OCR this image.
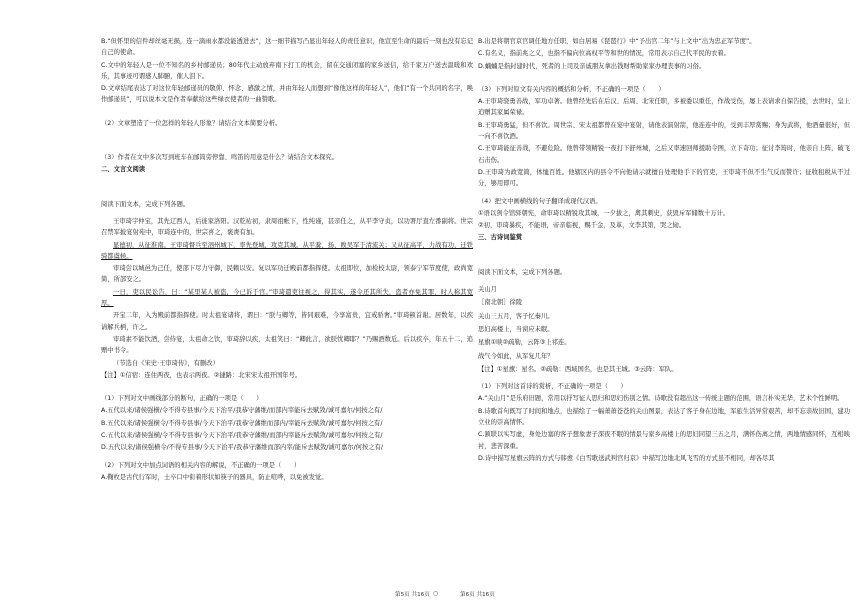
B.“但怀里的信件却丝毫无损，连一滴雨水都没能透进去”，这一细节描写凸显出年轻人的责任意识，他宣至生命的最后一刻也没有忘记自己的使命。

C.文中的年轻人是一位不知名的乡村邮递员；80年代主动放弃南下打工的机会，留在交通闭塞的家乡送信，给千家万户送去温暖和欢乐，其事迹可谓感人肺腑，催人泪下。

D.文章结尾表达了对这位年轻邮递员的敬仰、怀念、感激之情，并由年轻人而想到“像他这样的年轻人”，他们“有一个共同的名字，唤作邮递员”，可以说本文是作者奉献给这些绿衣使者的一曲赞歌。

（2）文章塑造了一位怎样的年轻人形象？请结合文本简要分析。

（3）作者在文中多次写到班车在邮筒旁停靠、鸣笛的用意是什么？请结合文本探究。

二、文言文阅读

阅读下面文本，完成下列各题。

王审琦字仲宝，其先辽西人，后徙家洛阳。汉乾祐初，隶周祖帐下，性纯谨，甚亲任之，从平李守贞，以功署厅直左番副将。世宗召禁军披宴射苑中，审琦连中的，世宗喜之，褒赉有加。

显德初，从征淮南。王审琦督兵至泗州城下，率先登城，攻克其城。从平滁、扬，败吴军于清流关；又从征高平，力战有功，迁铁骑都虞候。

审琦尝以城邑为己任，使部下尽力守御，民赖以安。复以军功迁殿前都指挥使。太祖即位，加检校太尉，领泰宁军节度使，政尚宽简，所部安之。

一日，吏以民讼告，曰：“某里某人被盗，今已诉于官。”审琦遣吏往视之，得其实，遂令还其所失，盗者亦免其罪，时人称其宽厚。

开宝二年，入为殿前都指挥使。时太祖宴诸将，谓曰：“朕与卿等，皆同艰难，今享富贵，宜戒骄奢。”审琦顿首谢。居数年，以疾请解兵柄，许之。

审琦素不能饮酒，尝侍宴，太祖命之饮，审琦辞以疾，太祖笑曰：“卿此言，欲朕忧卿耶？”乃赐酒数卮。后以疾卒，年五十二，追赠中书令。

（节选自《宋史·王审琦传》，有删改）

【注】①信宿：连住两夜，也表示两夜。②捷路：北宋宋太祖开国年号。

（1）下列对文中画线部分的断句，正确的一项是（　　）

A.五代以来/诸侯强横/令不得专县事/今天下治平/我恭守藩维/而部内宰能斥去赋敛/诚可嘉尔/何按之有/

B.五代以来/诸侯强横令/不得专县事/今天下治平/我恭守藩维而部内/宰能斥去赋敛/诚可嘉尔/何按之有/

C.五代以来/诸侯强横/令不得专县事/今天下治平/我恭守藩维/而部内宰能斥去赋敛/诚可嘉尔/何按之有/

D.五代以来/诸侯强横令/不得专县事/今天下治平/我恭守藩维而部内宰/能斥去赋敛/诚可嘉尔/何按之有/

（2）下列对文中加点词语的相关内容的解说，不正确的一项是（　　）

A.鞠枚是古代行军时，士卒口中衔着形状如筷子的器具，防止喧哗，以免被发觉。

B.出是将朝官京官调任地方任职，如白居易《琵琶行》中“予出官二年”与上文中“出为忠正军节度”。

C.有名义，指前兆之义，也指不偏向位高权平等和世的情况，常用表示自己代平民的衣着。

D.蝻蝻是指封建时代，死者的上司及亲戚朋友拿出钱财帮助家家办理丧事的习俗。

（3）下列对原文有关内容的概括和分析，不正确的一项是（　　）

A.王审琦骁勇善战，军功卓著。他曾经先后在后汉、后周、北宋任职，多被委以重任，作战受伤，屡上表请求自保告援，去世时，皇上追赠其家属荣禄。

B.王审琦勇猛，但不喜饮。周世宗、宋太祖都曾在宴中宴射，请他表演射箭，他连连中的，受到丰厚赏赐；身为武将，他酒量很好，但一向不喜饮酒。

C.王审琦能征善战，不避危险。他曾带领精锐一夜打下舒州城，之后又率速回师援助令图，立下奇功；征讨李筠时，他亲自上阵，破飞石击伤。

D.王审琦为政宽简，体恤百姓。他辖区内的县令不向他请示就擅自处理他手下的官吏，王审琦不但不生气反而赞许；征收租税从不过分，够用即可。

（4）把文中画横线的句子翻译成现代汉语。

①语以剑令馆驿朝宪，命审琦以精锐攻其城，一夕拔之，禽其刺史，获毁斥军储数十万计。

②初，审琦暴疾，不能语，帝亲临视，赐千金，及革，文李其第，哭之恸。

三、古诗词鉴赏

阅读下面文本，完成下列各题。

关山月

［南北朝］徐陵

关山三五月，客子忆秦川。

思妇高楼上，当窗应未眠。

星旗①映②疏勒，云阵③上祁连。

战气今如此，从军复几年？

【注】①星旗：星名。②疏勒：西域国名，也是其王城。③云阵：军队。

（1）下列对这首诗的赏析，不正确的一项是（　　）

A.“关山月”是乐府旧题，常用以抒写征人思归和思妇伤别之情。诗歌没有超出这一传统主题的范围，语言朴实无华，艺术个性鲜明。

B.诗歌首句既写了时间和地点，也描绘了一幅萧萧苍苍的关山图景，表达了客子身在边地，军旅生活异常艰苦，却不忘亲故旧国，建功立业的崇高情怀。

C.颔联以实写虚，身处边塞的客子想象妻子深夜不眠的情景与家乡高楼上的思妇同望三五之月，满怀伤离之情，两地情感同怀，互相映衬，悲苦深重。

D.诗中描写星旗云阵的方式与韩愈《白雪歌送武判官归京》中描写边地北风飞雪的方式虽不相同，却各尽其

第5页 共16页 ○	第6页 共16页
